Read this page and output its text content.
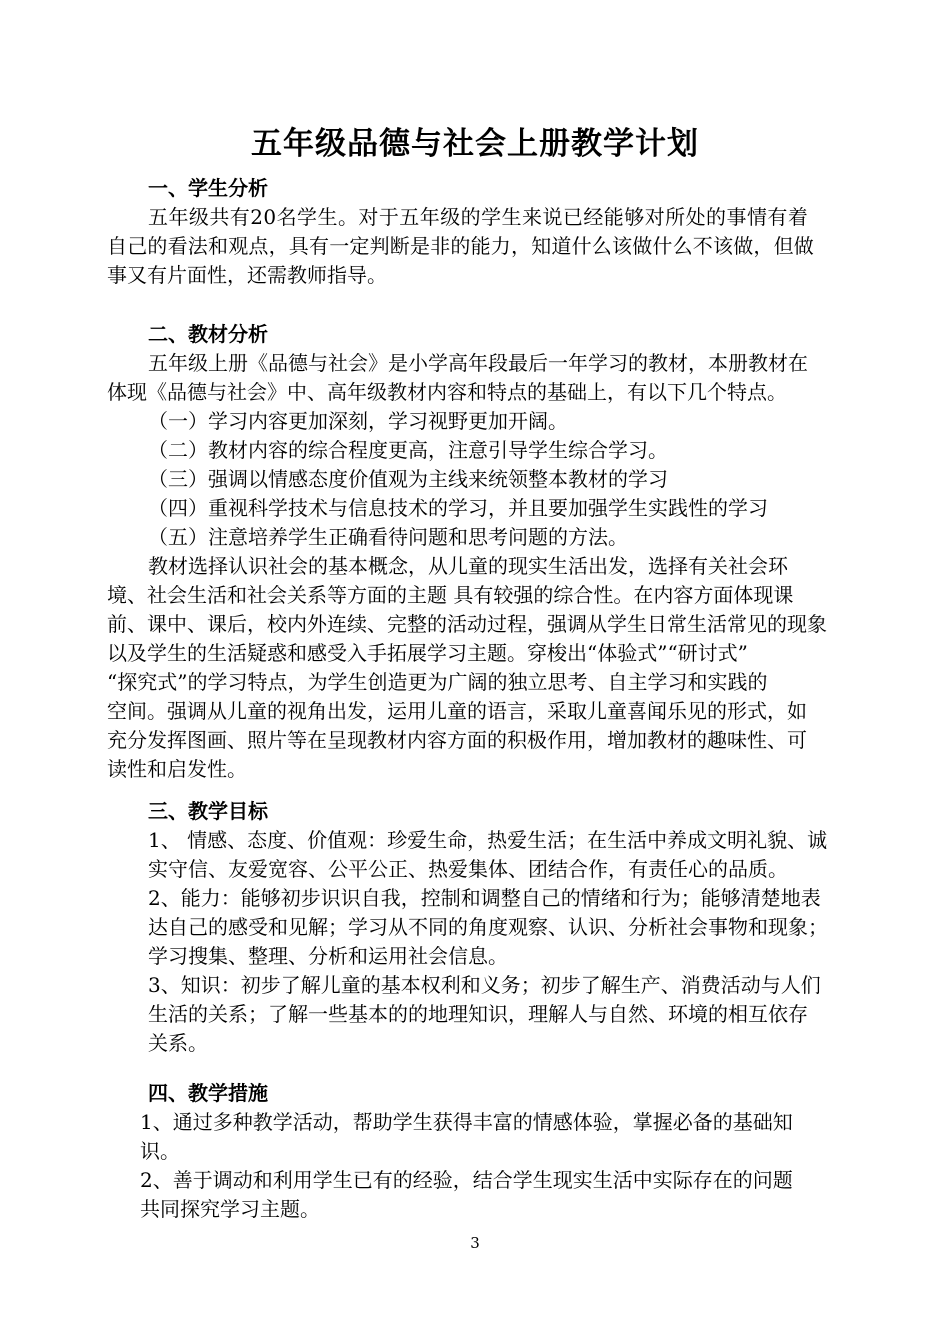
五年级品德与社会上册教学计划
一、学生分析
五年级共有20名学生。对于五年级的学生来说已经能够对所处的事情有着
自己的看法和观点，具有一定判断是非的能力，知道什么该做什么不该做，但做
事又有片面性，还需教师指导。
二、教材分析
五年级上册《品德与社会》是小学高年段最后一年学习的教材，本册教材在
体现《品德与社会》中、高年级教材内容和特点的基础上，有以下几个特点。
（一）学习内容更加深刻，学习视野更加开阔。
（二）教材内容的综合程度更高，注意引导学生综合学习。
（三）强调以情感态度价值观为主线来统领整本教材的学习
（四）重视科学技术与信息技术的学习，并且要加强学生实践性的学习
（五）注意培养学生正确看待问题和思考问题的方法。
教材选择认识社会的基本概念，从儿童的现实生活出发，选择有关社会环
境、社会生活和社会关系等方面的主题 具有较强的综合性。在内容方面体现课
前、课中、课后，校内外连续、完整的活动过程，强调从学生日常生活常见的现象
以及学生的生活疑惑和感受入手拓展学习主题。穿梭出“体验式”“研讨式”
“探究式”的学习特点，为学生创造更为广阔的独立思考、自主学习和实践的
空间。强调从儿童的视角出发，运用儿童的语言，采取儿童喜闻乐见的形式，如
充分发挥图画、照片等在呈现教材内容方面的积极作用，增加教材的趣味性、可
读性和启发性。
三、教学目标
1、 情感、态度、价值观：珍爱生命，热爱生活；在生活中养成文明礼貌、诚
实守信、友爱宽容、公平公正、热爱集体、团结合作，有责任心的品质。
2、能力：能够初步识识自我，控制和调整自己的情绪和行为；能够清楚地表
达自己的感受和见解；学习从不同的角度观察、认识、分析社会事物和现象；
学习搜集、整理、分析和运用社会信息。
3、知识：初步了解儿童的基本权利和义务；初步了解生产、消费活动与人们
生活的关系；了解一些基本的的地理知识，理解人与自然、环境的相互依存
关系。
四、教学措施
1、通过多种教学活动，帮助学生获得丰富的情感体验，掌握必备的基础知
识。
2、善于调动和利用学生已有的经验，结合学生现实生活中实际存在的问题
共同探究学习主题。
3
